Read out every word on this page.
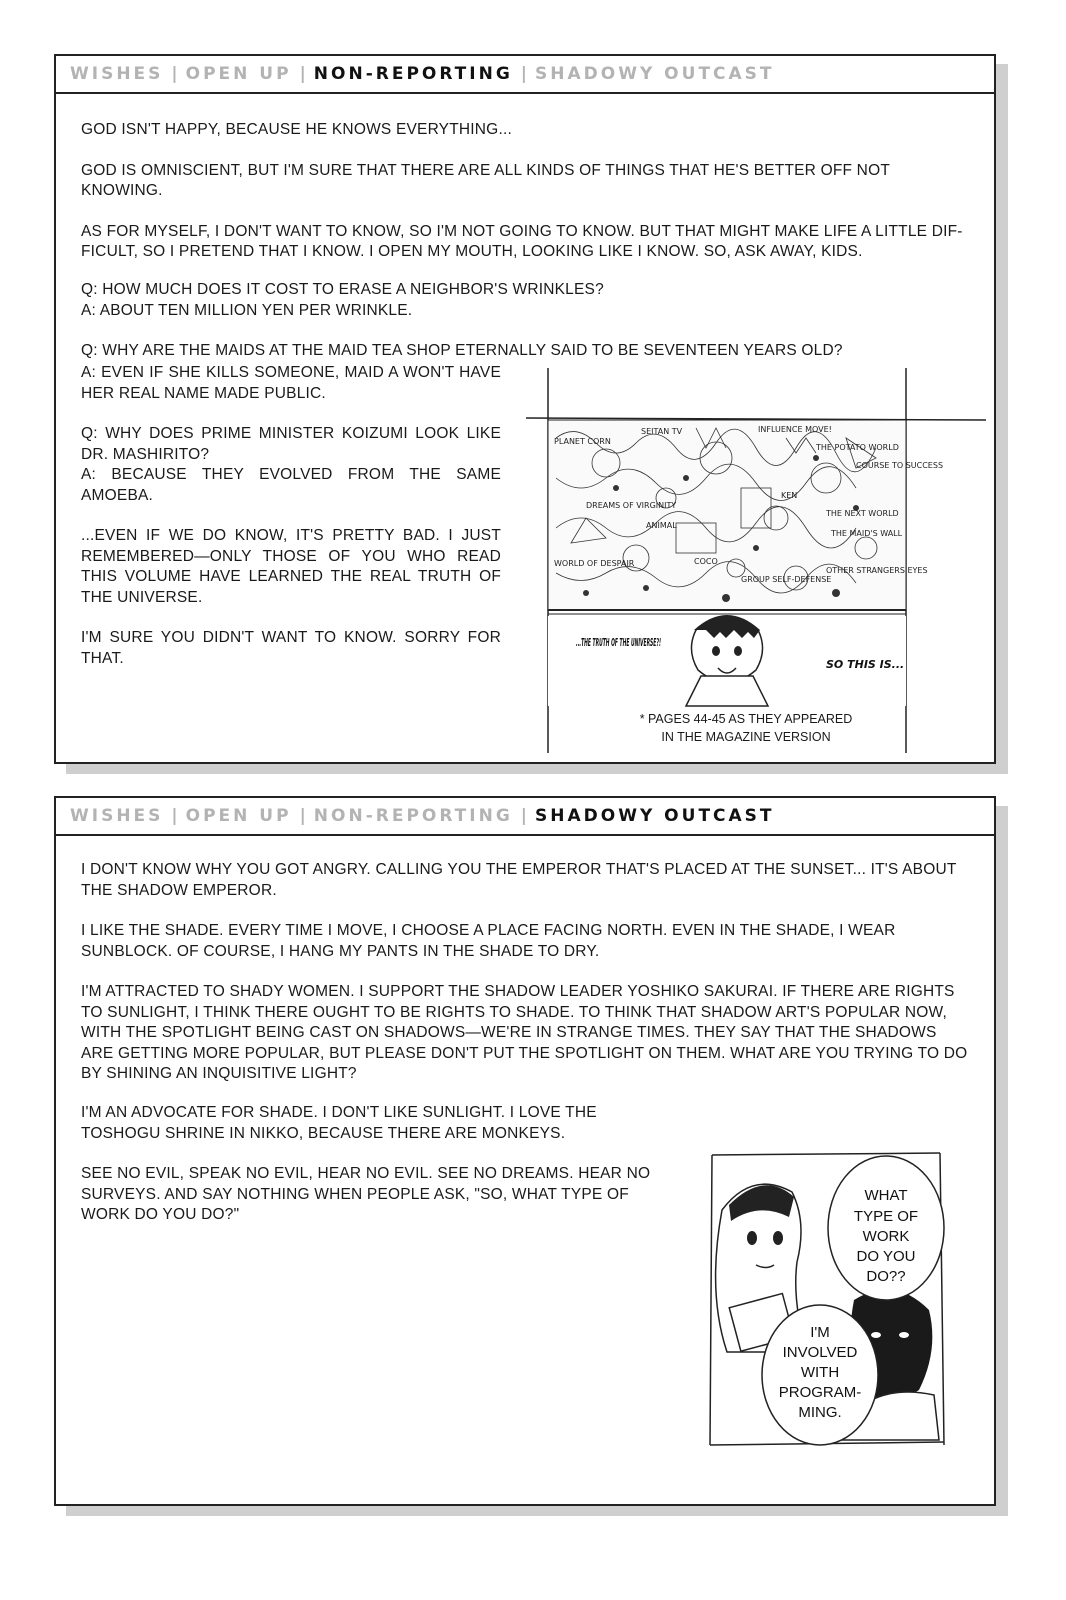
WISHES | OPEN UP | NON-REPORTING | SHADOWY OUTCAST

GOD ISN'T HAPPY, BECAUSE HE KNOWS EVERYTHING...

GOD IS OMNISCIENT, BUT I'M SURE THAT THERE ARE ALL KINDS OF THINGS THAT HE'S BETTER OFF NOT KNOWING.

AS FOR MYSELF, I DON'T WANT TO KNOW, SO I'M NOT GOING TO KNOW. BUT THAT MIGHT MAKE LIFE A LITTLE DIF-FICULT, SO I PRETEND THAT I KNOW. I OPEN MY MOUTH, LOOKING LIKE I KNOW. SO, ASK AWAY, KIDS.

Q: HOW MUCH DOES IT COST TO ERASE A NEIGHBOR'S WRINKLES?

A: ABOUT TEN MILLION YEN PER WRINKLE.

Q: WHY ARE THE MAIDS AT THE MAID TEA SHOP ETERNALLY SAID TO BE SEVENTEEN YEARS OLD?

A: EVEN IF SHE KILLS SOMEONE, MAID A WON'T HAVE HER REAL NAME MADE PUBLIC.

Q: WHY DOES PRIME MINISTER KOIZUMI LOOK LIKE DR. MASHIRITO?

A: BECAUSE THEY EVOLVED FROM THE SAME AMOEBA.

...EVEN IF WE DO KNOW, IT'S PRETTY BAD. I JUST REMEMBERED—ONLY THOSE OF YOU WHO READ THIS VOLUME HAVE LEARNED THE REAL TRUTH OF THE UNIVERSE.

I'M SURE YOU DIDN'T WANT TO KNOW. SORRY FOR THAT.

PLANET CORN
SEITAN TV	INFLUENCE MOVE!
THE POTATO WORLD
COURSE TO SUCCESS
DREAMS OF VIRGINITY
THE NEXT WORLD
WORLD OF DESPAIR
THE MAID'S WALL
GROUP SELF-DEFENSE
OTHER STRANGERS EYES
COCO
KEN
ANIMAL
...THE TRUTH OF THE UNIVERSE?!
SO THIS IS...
* PAGES 44-45 AS THEY APPEARED
IN THE MAGAZINE VERSION
WISHES | OPEN UP | NON-REPORTING | SHADOWY OUTCAST

I DON'T KNOW WHY YOU GOT ANGRY. CALLING YOU THE EMPEROR THAT'S PLACED AT THE SUNSET... IT'S ABOUT THE SHADOW EMPEROR.

I LIKE THE SHADE. EVERY TIME I MOVE, I CHOOSE A PLACE FACING NORTH. EVEN IN THE SHADE, I WEAR SUNBLOCK. OF COURSE, I HANG MY PANTS IN THE SHADE TO DRY.

I'M ATTRACTED TO SHADY WOMEN. I SUPPORT THE SHADOW LEADER YOSHIKO SAKURAI. IF THERE ARE RIGHTS TO SUNLIGHT, I THINK THERE OUGHT TO BE RIGHTS TO SHADE. TO THINK THAT SHADOW ART'S POPULAR NOW, WITH THE SPOTLIGHT BEING CAST ON SHADOWS—WE'RE IN STRANGE TIMES. THEY SAY THAT THE SHADOWS ARE GETTING MORE POPULAR, BUT PLEASE DON'T PUT THE SPOTLIGHT ON THEM. WHAT ARE YOU TRYING TO DO BY SHINING AN INQUISITIVE LIGHT?

I'M AN ADVOCATE FOR SHADE. I DON'T LIKE SUNLIGHT. I LOVE THE TOSHOGU SHRINE IN NIKKO, BECAUSE THERE ARE MONKEYS.

SEE NO EVIL, SPEAK NO EVIL, HEAR NO EVIL. SEE NO DREAMS. HEAR NO SURVEYS. AND SAY NOTHING WHEN PEOPLE ASK, "SO, WHAT TYPE OF WORK DO YOU DO?"

WHAT
TYPE OF
WORK
DO YOU
DO??
I'M
INVOLVED
WITH
PROGRAM-
MING.
